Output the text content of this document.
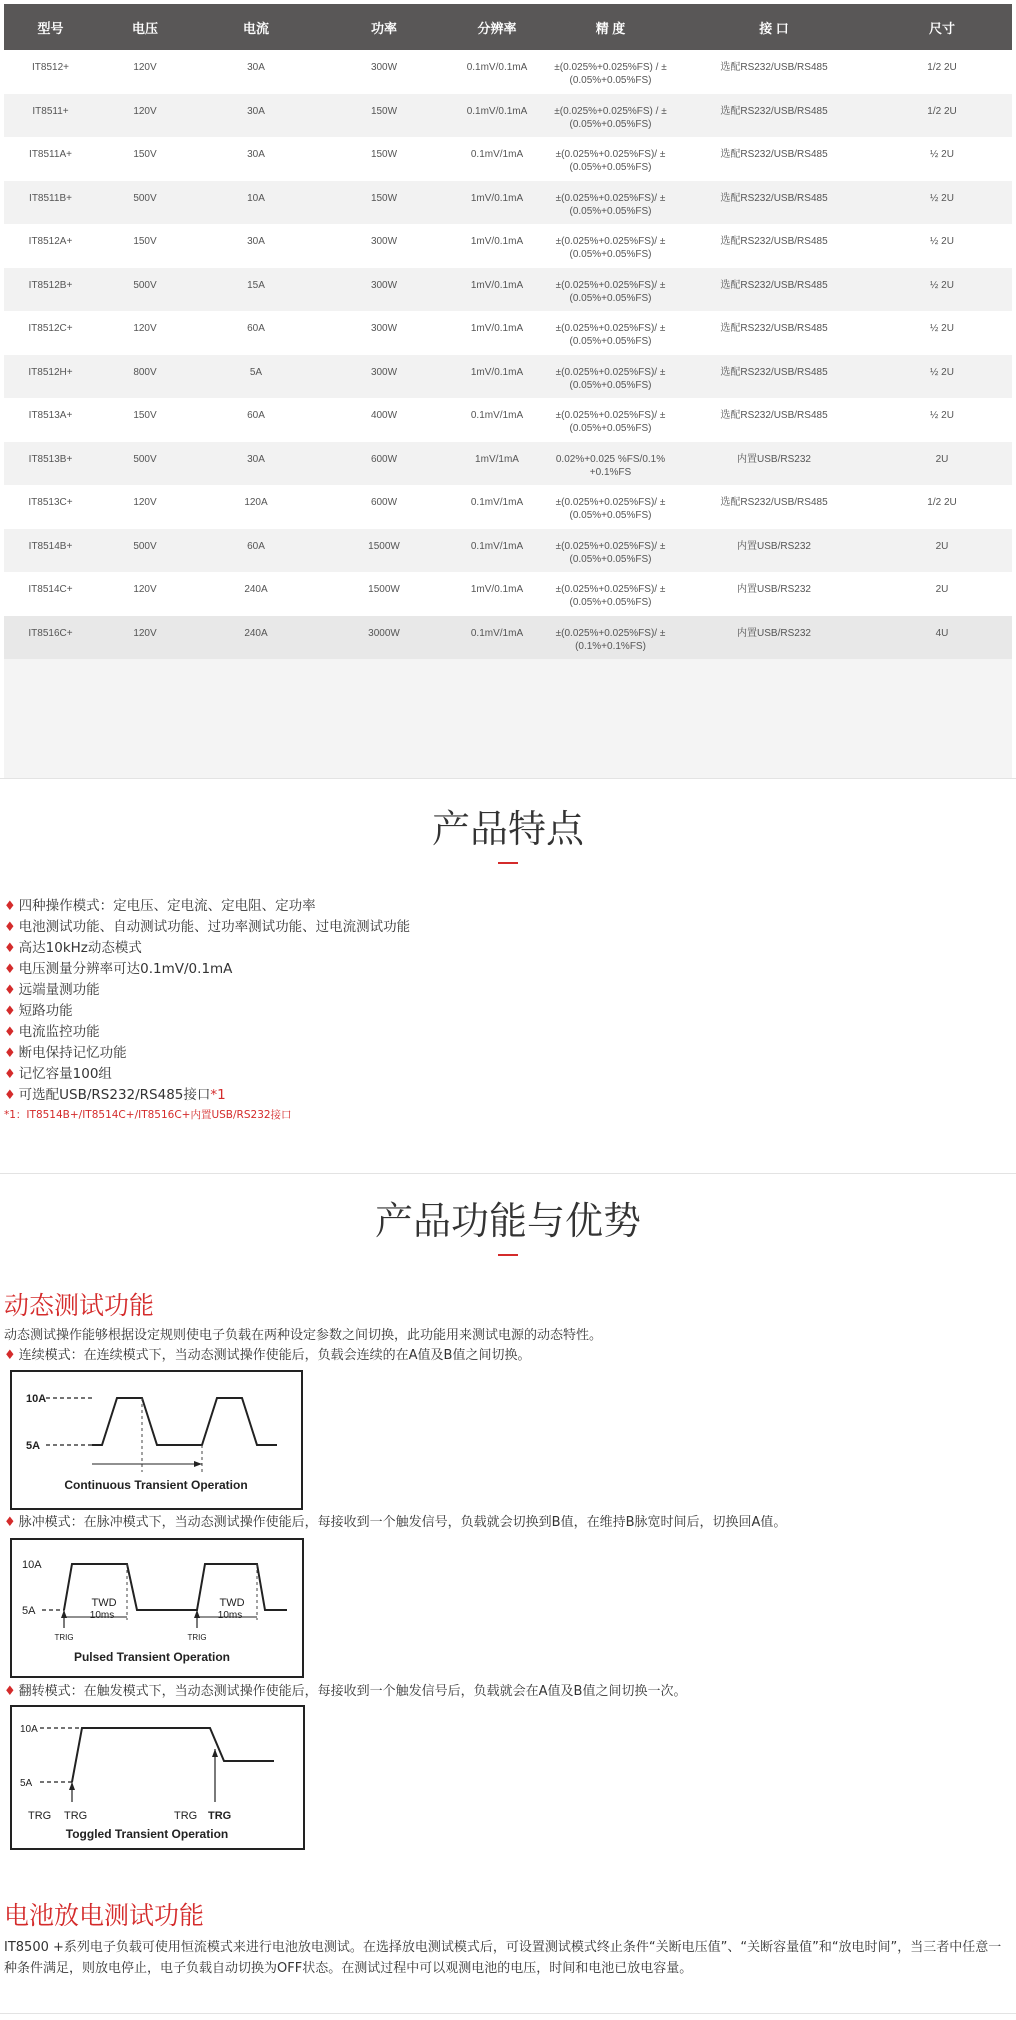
型号	电压	电流	功率	分辨率	精 度	接 口	尺寸
IT8512+	120V	30A	300W	0.1mV/0.1mA	±(0.025%+0.025%FS) / ±(0.05%+0.05%FS)	选配RS232/USB/RS485	1/2 2U
IT8511+	120V	30A	150W	0.1mV/0.1mA	±(0.025%+0.025%FS) / ±(0.05%+0.05%FS)	选配RS232/USB/RS485	1/2 2U
IT8511A+	150V	30A	150W	0.1mV/1mA	±(0.025%+0.025%FS)/ ±(0.05%+0.05%FS)	选配RS232/USB/RS485	½ 2U
IT8511B+	500V	10A	150W	1mV/0.1mA	±(0.025%+0.025%FS)/ ±(0.05%+0.05%FS)	选配RS232/USB/RS485	½ 2U
IT8512A+	150V	30A	300W	1mV/0.1mA	±(0.025%+0.025%FS)/ ±(0.05%+0.05%FS)	选配RS232/USB/RS485	½ 2U
IT8512B+	500V	15A	300W	1mV/0.1mA	±(0.025%+0.025%FS)/ ±(0.05%+0.05%FS)	选配RS232/USB/RS485	½ 2U
IT8512C+	120V	60A	300W	1mV/0.1mA	±(0.025%+0.025%FS)/ ±(0.05%+0.05%FS)	选配RS232/USB/RS485	½ 2U
IT8512H+	800V	5A	300W	1mV/0.1mA	±(0.025%+0.025%FS)/ ±(0.05%+0.05%FS)	选配RS232/USB/RS485	½ 2U
IT8513A+	150V	60A	400W	0.1mV/1mA	±(0.025%+0.025%FS)/ ±(0.05%+0.05%FS)	选配RS232/USB/RS485	½ 2U
IT8513B+	500V	30A	600W	1mV/1mA	0.02%+0.025 %FS/0.1% +0.1%FS	内置USB/RS232	2U
IT8513C+	120V	120A	600W	0.1mV/1mA	±(0.025%+0.025%FS)/ ±(0.05%+0.05%FS)	选配RS232/USB/RS485	1/2 2U
IT8514B+	500V	60A	1500W	0.1mV/1mA	±(0.025%+0.025%FS)/ ±(0.05%+0.05%FS)	内置USB/RS232	2U
IT8514C+	120V	240A	1500W	1mV/0.1mA	±(0.025%+0.025%FS)/ ±(0.05%+0.05%FS)	内置USB/RS232	2U
IT8516C+	120V	240A	3000W	0.1mV/1mA	±(0.025%+0.025%FS)/ ±(0.1%+0.1%FS)	内置USB/RS232	4U
产品特点
♦ 四种操作模式：定电压、定电流、定电阻、定功率
♦ 电池测试功能、自动测试功能、过功率测试功能、过电流测试功能
♦ 高达10kHz动态模式
♦ 电压测量分辨率可达0.1mV/0.1mA
♦ 远端量测功能
♦ 短路功能
♦ 电流监控功能
♦ 断电保持记忆功能
♦ 记忆容量100组
♦ 可选配USB/RS232/RS485接口*1
*1：IT8514B+/IT8514C+/IT8516C+内置USB/RS232接口
产品功能与优势
动态测试功能

动态测试操作能够根据设定规则使电子负载在两种设定参数之间切换，此功能用来测试电源的动态特性。

♦ 连续模式：在连续模式下，当动态测试操作使能后，负载会连续的在A值及B值之间切换。

10A
5A
Continuous Transient Operation

♦ 脉冲模式：在脉冲模式下，当动态测试操作使能后，每接收到一个触发信号，负载就会切换到B值，在维持B脉宽时间后，切换回A值。

10A
5A
TWD	TWD
10ms	10ms
TRIG	TRIG
Pulsed Transient Operation

♦ 翻转模式：在触发模式下，当动态测试操作使能后，每接收到一个触发信号后，负载就会在A值及B值之间切换一次。

10A
5A
TRG TRG	TRG TRG
Toggled Transient Operation
电池放电测试功能

IT8500 +系列电子负载可使用恒流模式来进行电池放电测试。在选择放电测试模式后，可设置测试模式终止条件“关断电压值”、“关断容量值”和“放电时间”，当三者中任意一种条件满足，则放电停止，电子负载自动切换为OFF状态。在测试过程中可以观测电池的电压，时间和电池已放电容量。
